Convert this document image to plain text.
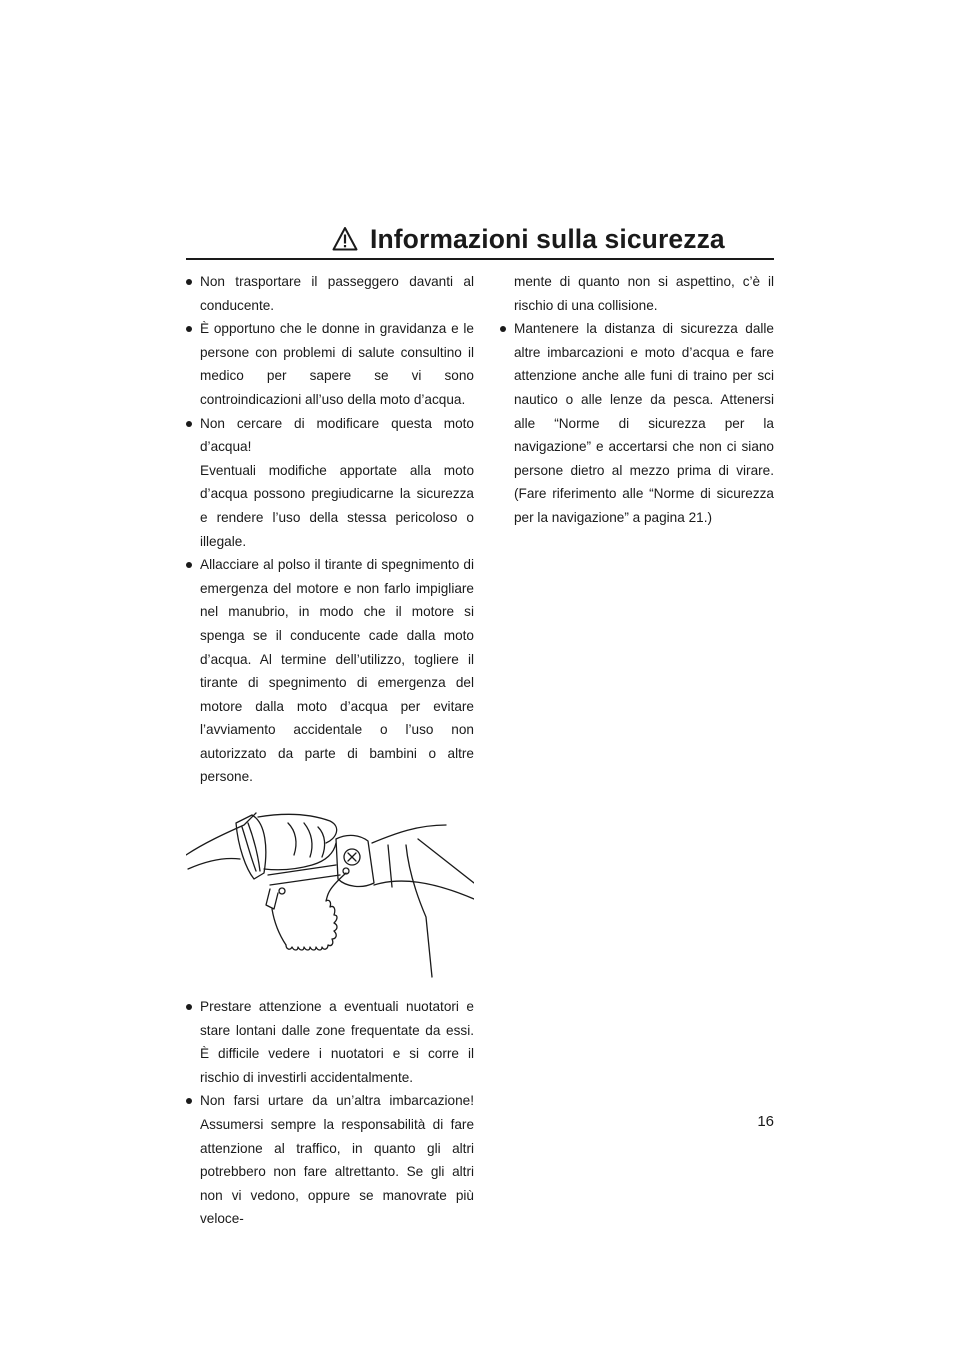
Informazioni sulla sicurezza

Non trasportare il passeggero davanti al conducente.

È opportuno che le donne in gravidanza e le persone con problemi di salute consultino il medico per sapere se vi sono controindicazioni all’uso della moto d’acqua.

Non cercare di modificare questa moto d’acqua!

Eventuali modifiche apportate alla moto d’acqua possono pregiudicarne la sicurezza e rendere l’uso della stessa pericoloso o illegale.

Allacciare al polso il tirante di spegnimento di emergenza del motore e non farlo impigliare nel manubrio, in modo che il motore si spenga se il conducente cade dalla moto d’acqua. Al termine dell’utilizzo, togliere il tirante di spegnimento di emergenza del motore dalla moto d’acqua per evitare l’avviamento accidentale o l’uso non autorizzato da parte di bambini o altre persone.

Prestare attenzione a eventuali nuotatori e stare lontani dalle zone frequentate da essi. È difficile vedere i nuotatori e si corre il rischio di investirli accidentalmente.

Non farsi urtare da un’altra imbarcazione! Assumersi sempre la responsabilità di fare attenzione al traffico, in quanto gli altri potrebbero non fare altrettanto. Se gli altri non vi vedono, oppure se manovrate più veloce-

mente di quanto non si aspettino, c’è il rischio di una collisione.

Mantenere la distanza di sicurezza dalle altre imbarcazioni e moto d’acqua e fare attenzione anche alle funi di traino per sci nautico o alle lenze da pesca. Attenersi alle “Norme di sicurezza per la navigazione” e accertarsi che non ci siano persone dietro al mezzo prima di virare. (Fare riferimento alle “Norme di sicurezza per la navigazione” a pagina 21.)

16
